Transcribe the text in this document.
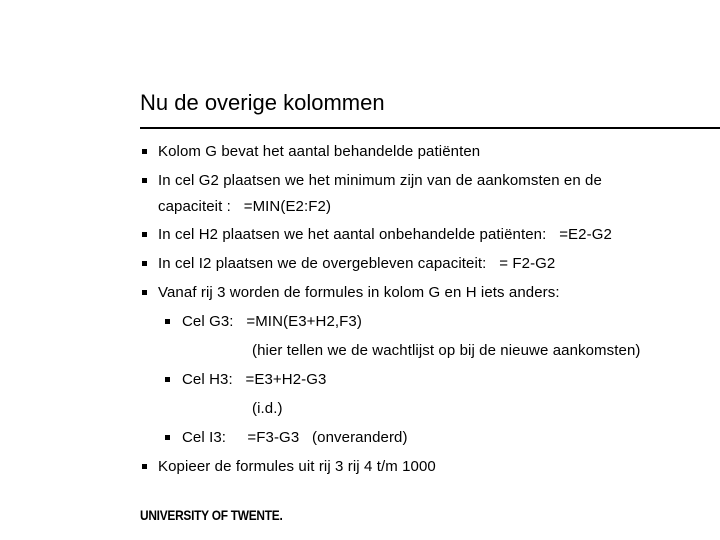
Nu de overige kolommen
Kolom G bevat het aantal behandelde patiënten
In cel G2 plaatsen we het minimum zijn van de aankomsten en de
capaciteit :   =MIN(E2:F2)
In cel H2 plaatsen we het aantal onbehandelde patiënten:   =E2-G2
In cel I2 plaatsen we de overgebleven capaciteit:   = F2-G2
Vanaf rij 3 worden de formules in kolom G en H iets anders:
Cel G3:   =MIN(E3+H2,F3)
(hier tellen we de wachtlijst op bij de nieuwe aankomsten)
Cel H3:   =E3+H2-G3
(i.d.)
Cel I3:     =F3-G3   (onveranderd)
Kopieer de formules uit rij 3 rij 4 t/m 1000
UNIVERSITY OF TWENTE.
